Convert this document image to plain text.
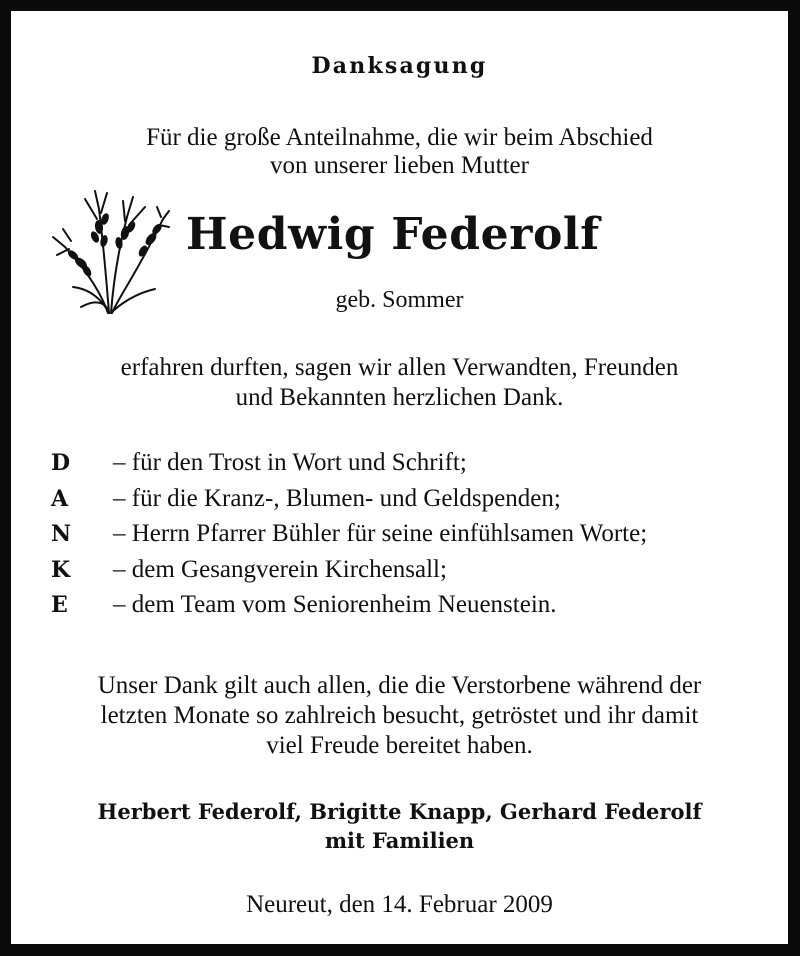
Danksagung
Für die große Anteilnahme, die wir beim Abschied
von unserer lieben Mutter
Hedwig Federolf
geb. Sommer
erfahren durften, sagen wir allen Verwandten, Freunden
und Bekannten herzlichen Dank.
D	– für den Trost in Wort und Schrift;
A	– für die Kranz-, Blumen- und Geldspenden;
N	– Herrn Pfarrer Bühler für seine einfühlsamen Worte;
K	– dem Gesangverein Kirchensall;
E	– dem Team vom Seniorenheim Neuenstein.
Unser Dank gilt auch allen, die die Verstorbene während der
letzten Monate so zahlreich besucht, getröstet und ihr damit
viel Freude bereitet haben.
Herbert Federolf, Brigitte Knapp, Gerhard Federolf
mit Familien
Neureut, den 14. Februar 2009
